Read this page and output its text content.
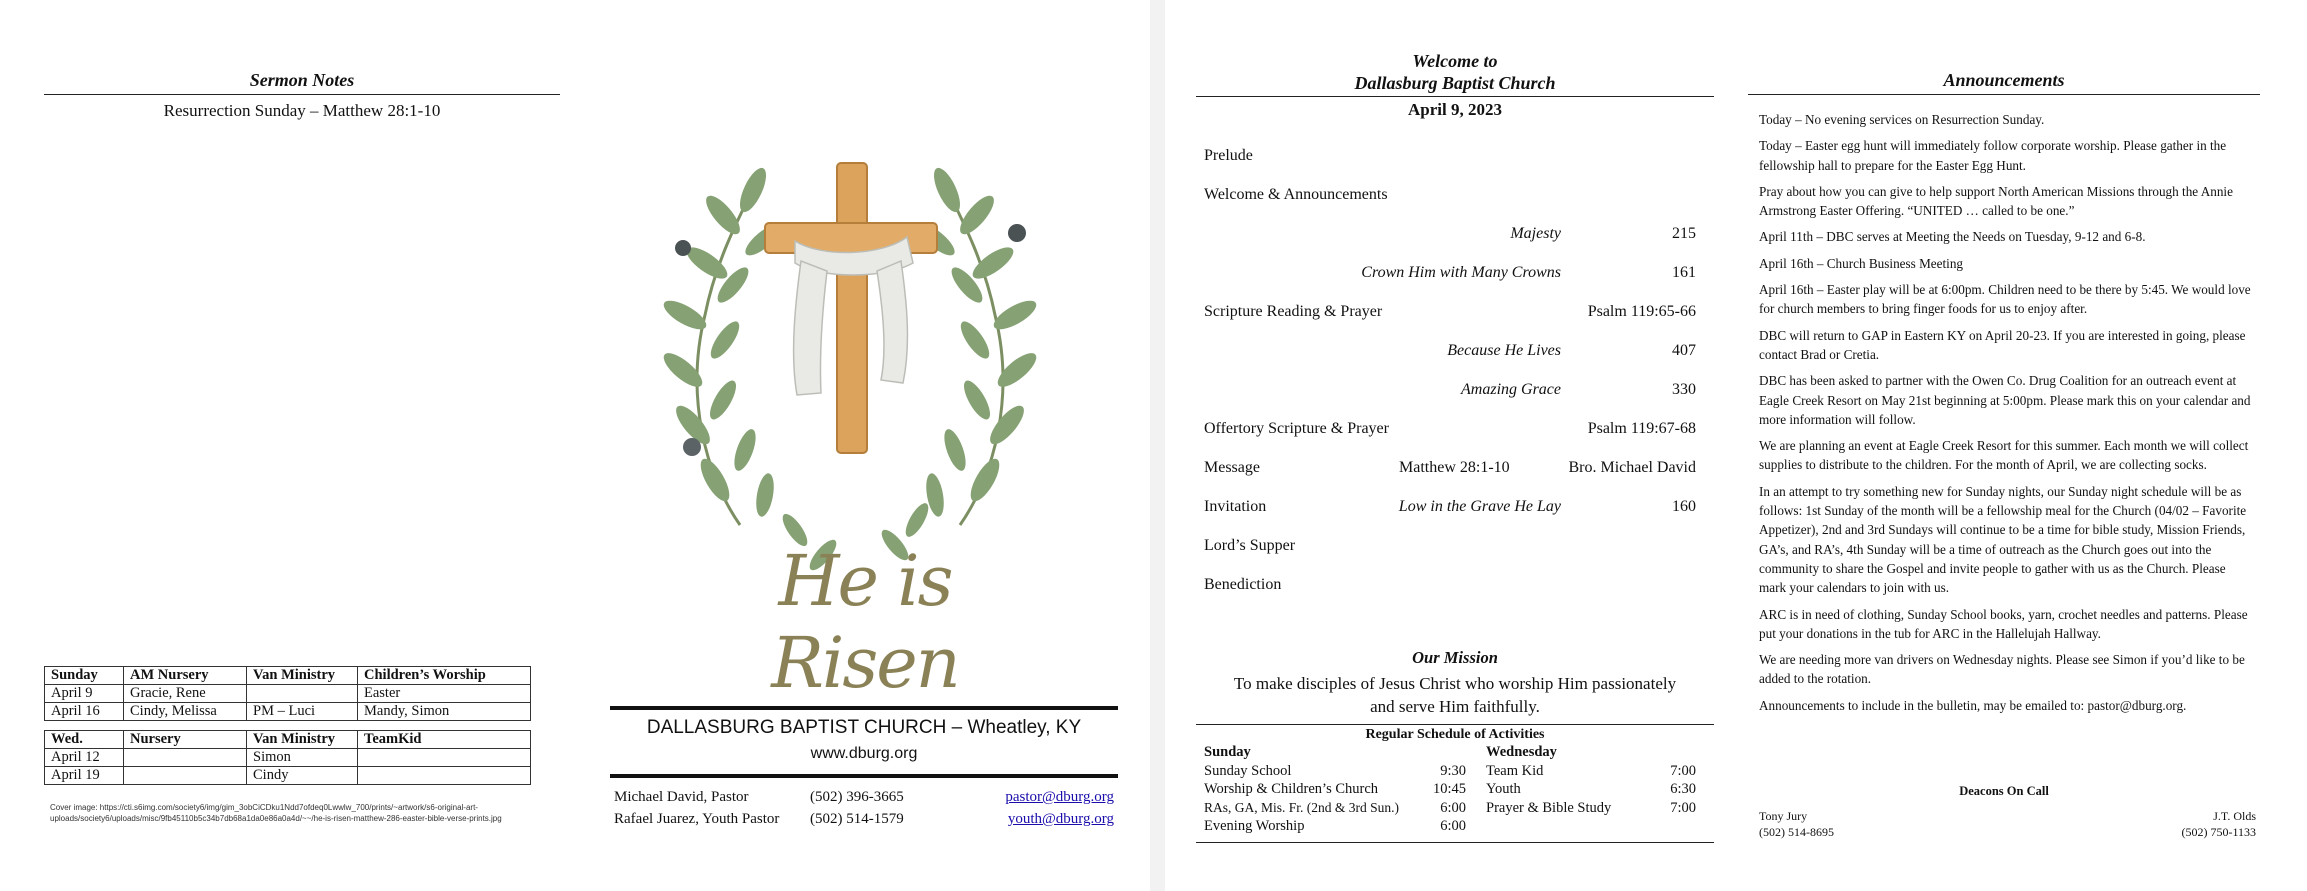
Sermon Notes
Resurrection Sunday – Matthew 28:1-10
Sunday	AM Nursery	Van Ministry	Children’s Worship
April 9	Gracie, Rene		Easter
April 16	Cindy, Melissa	PM – Luci	Mandy, Simon
Wed.	Nursery	Van Ministry	TeamKid
April 12		Simon	
April 19		Cindy	
Cover image: https://cti.s6img.com/society6/img/gim_3obCiCDku1Ndd7ofdeq0Lwwlw_700/prints/~artwork/s6-original-art-uploads/society6/uploads/misc/9fb45110b5c34b7db68a1da0e86a0a4d/~~/he-is-risen-matthew-286-easter-bible-verse-prints.jpg
He is Risen
DALLASBURG BAPTIST CHURCH – Wheatley, KY
www.dburg.org
Michael David, Pastor	(502) 396-3665	pastor@dburg.org
Rafael Juarez, Youth Pastor (502) 514-1579	youth@dburg.org
Welcome to
Dallasburg Baptist Church
April 9, 2023
Prelude
Welcome & Announcements
Majesty	215
Crown Him with Many Crowns	161
Scripture Reading & Prayer	Psalm 119:65-66
Because He Lives	407
Amazing Grace	330
Offertory Scripture & Prayer	Psalm 119:67-68
Message	Matthew 28:1-10	Bro. Michael David
Invitation	Low in the Grave He Lay	160
Lord’s Supper
Benediction
Our Mission
To make disciples of Jesus Christ who worship Him passionately and serve Him faithfully.
Regular Schedule of Activities
Sunday
Sunday School	9:30
Worship & Children’s Church	10:45
RAs, GA, Mis. Fr. (2nd & 3rd Sun.)	6:00
Evening Worship	6:00
Wednesday
Team Kid	7:00
Youth	6:30
Prayer & Bible Study	7:00
Announcements

Today – No evening services on Resurrection Sunday.

Today – Easter egg hunt will immediately follow corporate worship. Please gather in the fellowship hall to prepare for the Easter Egg Hunt.

Pray about how you can give to help support North American Missions through the Annie Armstrong Easter Offering. “UNITED … called to be one.”

April 11th – DBC serves at Meeting the Needs on Tuesday, 9-12 and 6-8.

April 16th – Church Business Meeting

April 16th – Easter play will be at 6:00pm. Children need to be there by 5:45. We would love for church members to bring finger foods for us to enjoy after.

DBC will return to GAP in Eastern KY on April 20-23. If you are interested in going, please contact Brad or Cretia.

DBC has been asked to partner with the Owen Co. Drug Coalition for an outreach event at Eagle Creek Resort on May 21st beginning at 5:00pm. Please mark this on your calendar and more information will follow.

We are planning an event at Eagle Creek Resort for this summer. Each month we will collect supplies to distribute to the children. For the month of April, we are collecting socks.

In an attempt to try something new for Sunday nights, our Sunday night schedule will be as follows: 1st Sunday of the month will be a fellowship meal for the Church (04/02 – Favorite Appetizer), 2nd and 3rd Sundays will continue to be a time for bible study, Mission Friends, GA’s, and RA’s, 4th Sunday will be a time of outreach as the Church goes out into the community to share the Gospel and invite people to gather with us as the Church. Please mark your calendars to join with us.

ARC is in need of clothing, Sunday School books, yarn, crochet needles and patterns. Please put your donations in the tub for ARC in the Hallelujah Hallway.

We are needing more van drivers on Wednesday nights. Please see Simon if you’d like to be added to the rotation.

Announcements to include in the bulletin, may be emailed to: pastor@dburg.org.

Deacons On Call
Tony Jury
(502) 514-8695
J.T. Olds
(502) 750-1133
